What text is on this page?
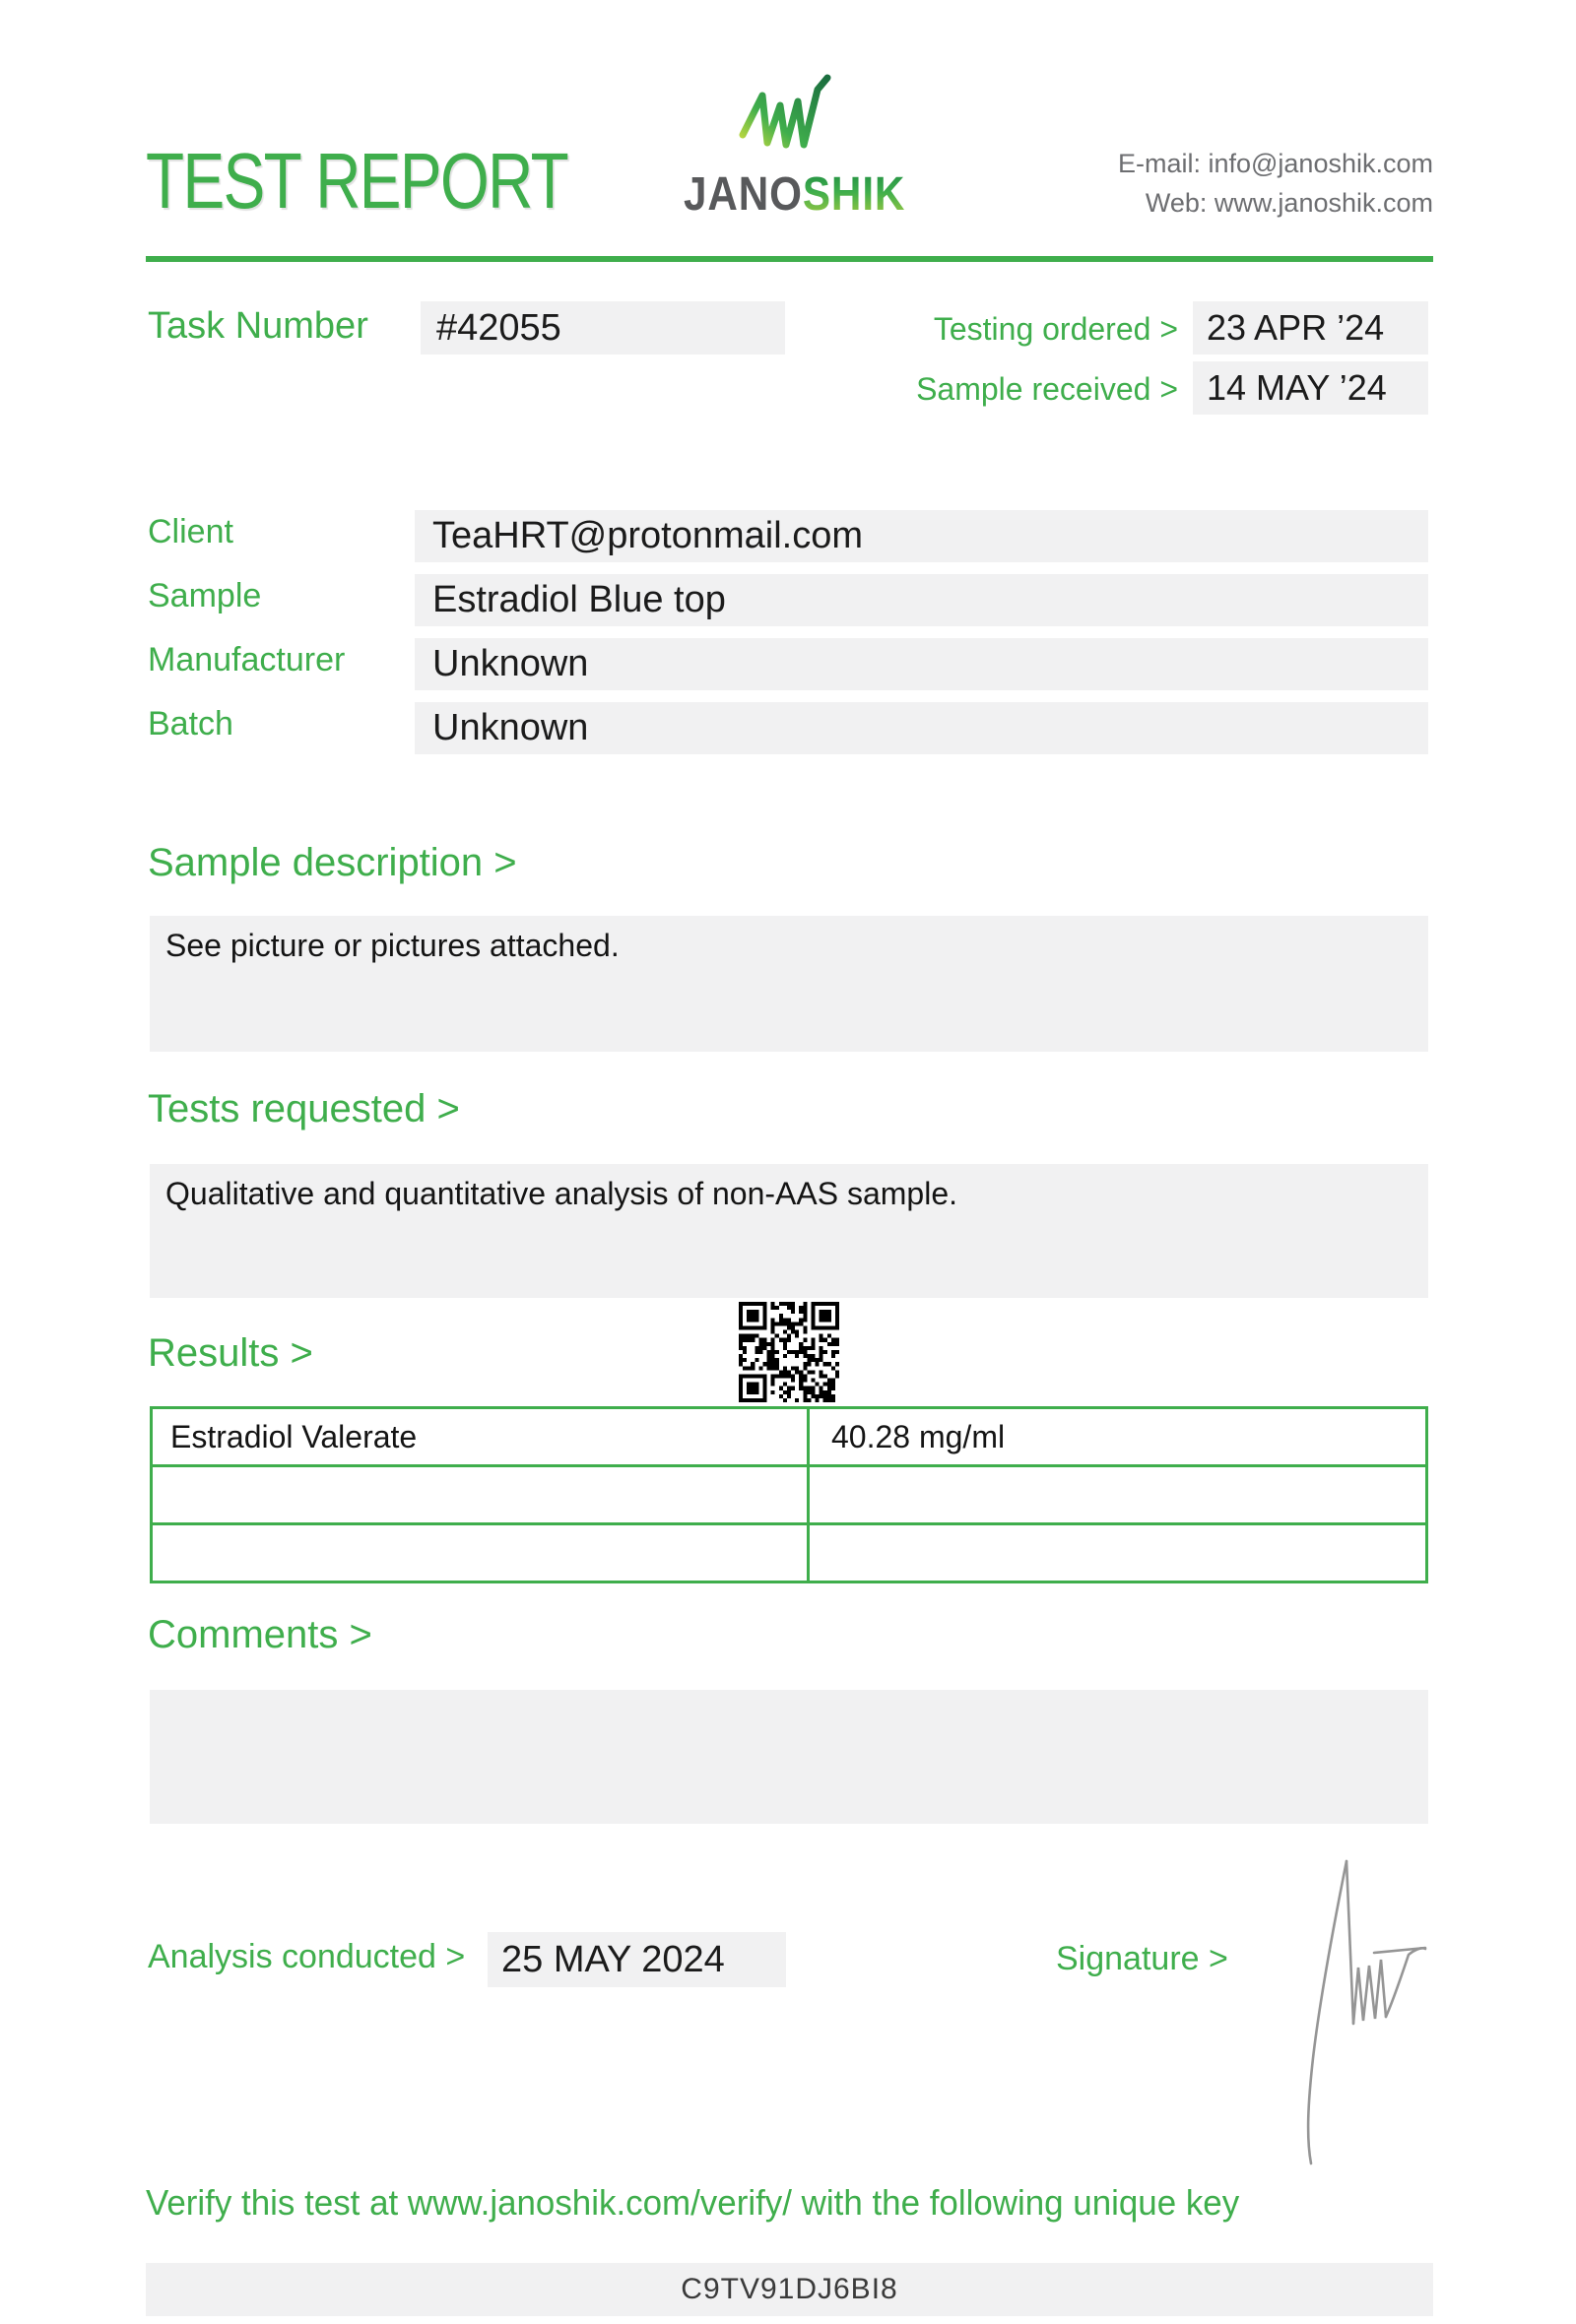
TEST REPORT JANOSHIK
E-mail: info@janoshik.com
Web: www.janoshik.com
Task Number	#42055	Testing ordered > 23 APR ’24
Sample received > 14 MAY ’24
Client	TeaHRT@protonmail.com
Sample	Estradiol Blue top
Manufacturer	Unknown
Batch	Unknown
Sample description >
See picture or pictures attached.
Tests requested >
Qualitative and quantitative analysis of non-AAS sample.
Results >
Estradiol Valerate	40.28 mg/ml

Comments >
Analysis conducted > 25 MAY 2024	Signature >
Verify this test at www.janoshik.com/verify/ with the following unique key
C9TV91DJ6BI8
